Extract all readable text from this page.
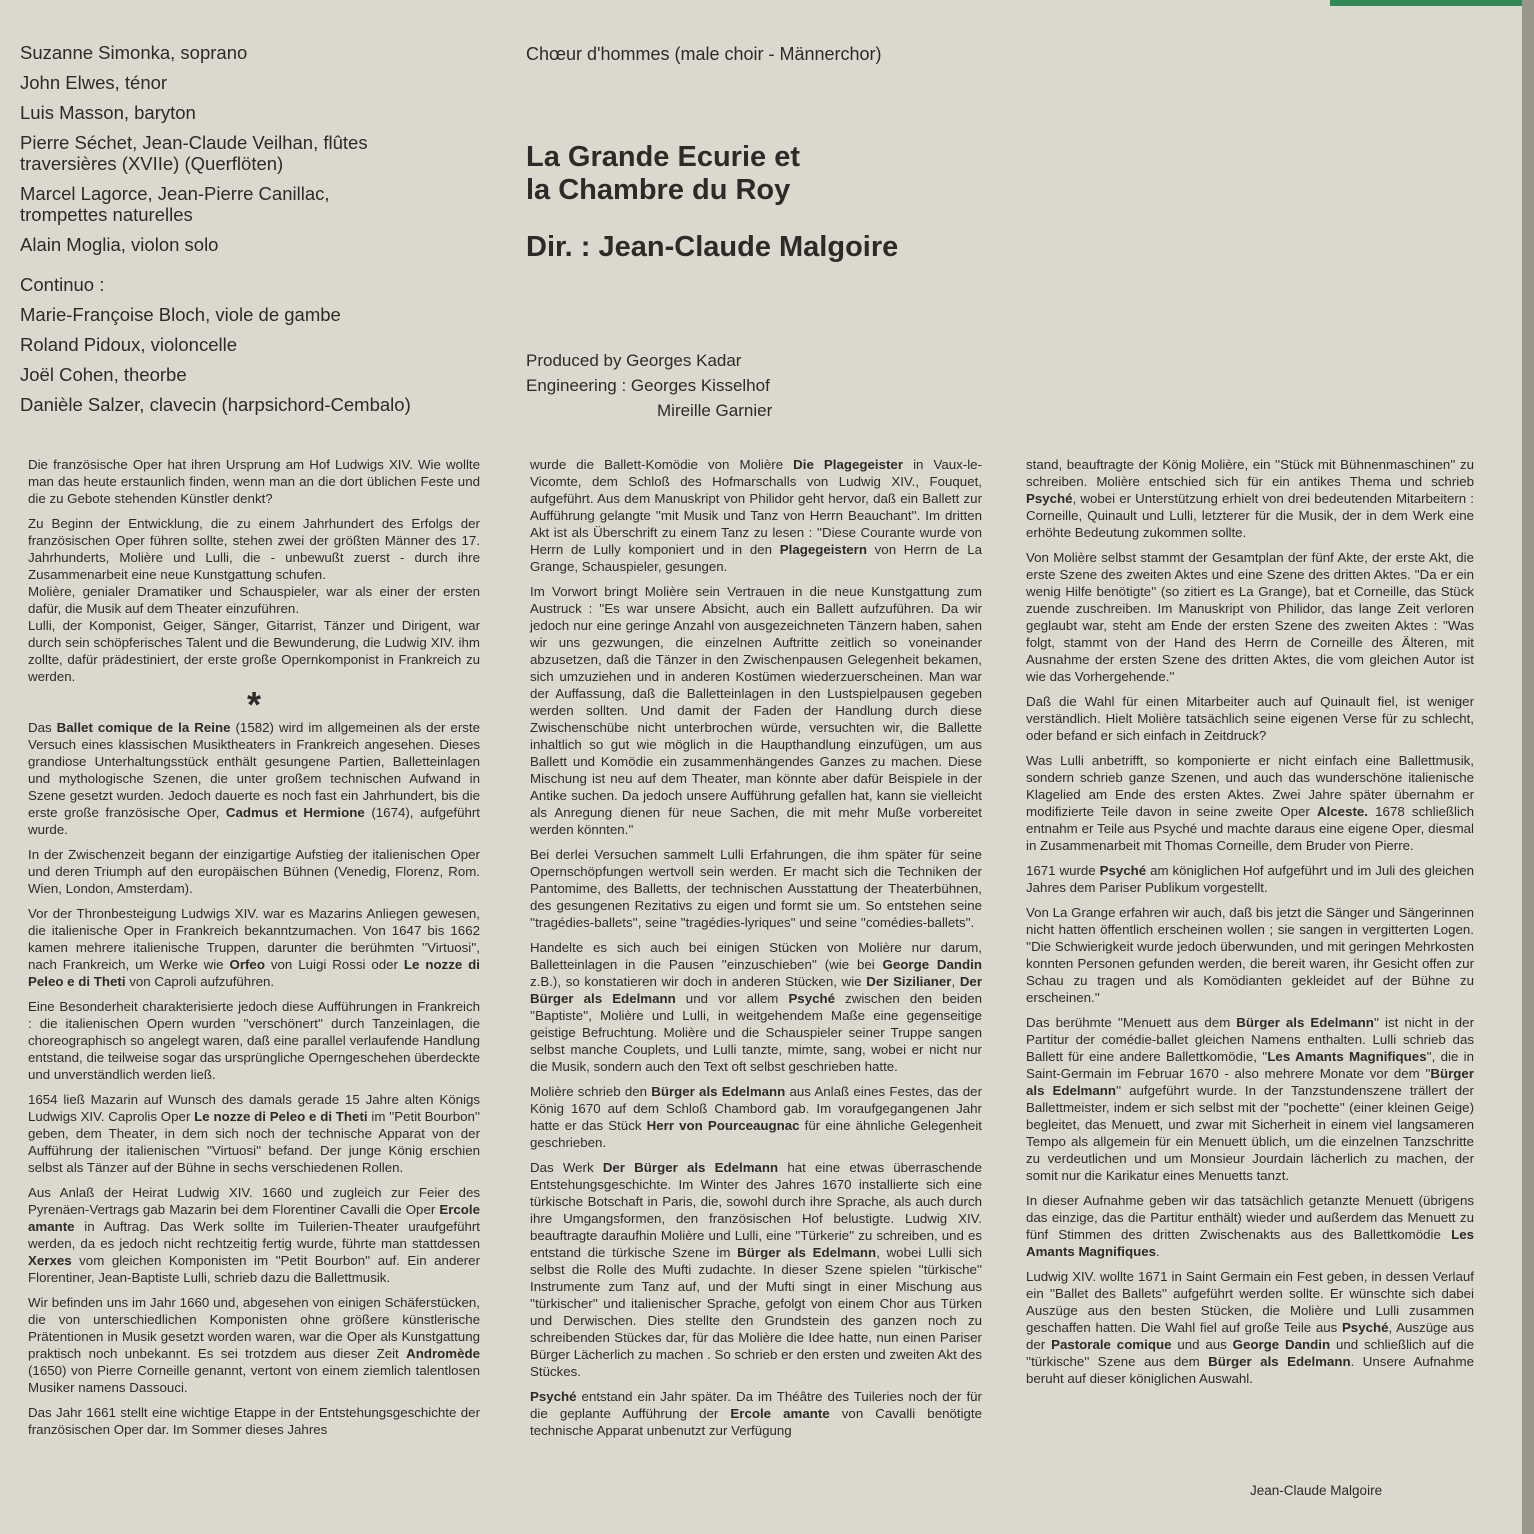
Suzanne Simonka, soprano
John Elwes, ténor
Luis Masson, baryton
Pierre Séchet, Jean-Claude Veilhan, flûtes traversières (XVIIe) (Querflöten)
Marcel Lagorce, Jean-Pierre Canillac, trompettes naturelles
Alain Moglia, violon solo
Continuo :
Marie-Françoise Bloch, viole de gambe
Roland Pidoux, violoncelle
Joël Cohen, theorbe
Danièle Salzer, clavecin (harpsichord-Cembalo)

Chœur d'hommes (male choir - Männerchor)

La Grande Ecurie et
la Chambre du Roy

Dir. : Jean-Claude Malgoire

Produced by Georges Kadar
Engineering : Georges Kisselhof
Mireille Garnier

Die französische Oper hat ihren Ursprung am Hof Ludwigs XIV. Wie wollte man das heute erstaunlich finden, wenn man an die dort üblichen Feste und die zu Gebote stehenden Künstler denkt?

Zu Beginn der Entwicklung, die zu einem Jahrhundert des Erfolgs der französischen Oper führen sollte, stehen zwei der größten Männer des 17. Jahrhunderts, Molière und Lulli, die - unbewußt zuerst - durch ihre Zusammenarbeit eine neue Kunstgattung schufen.

Molière, genialer Dramatiker und Schauspieler, war als einer der ersten dafür, die Musik auf dem Theater einzuführen.

Lulli, der Komponist, Geiger, Sänger, Gitarrist, Tänzer und Dirigent, war durch sein schöpferisches Talent und die Bewunderung, die Ludwig XIV. ihm zollte, dafür prädestiniert, der erste große Opernkomponist in Frankreich zu werden.

*

Das Ballet comique de la Reine (1582) wird im allgemeinen als der erste Versuch eines klassischen Musiktheaters in Frankreich angesehen. Dieses grandiose Unterhaltungsstück enthält gesungene Partien, Balletteinlagen und mythologische Szenen, die unter großem technischen Aufwand in Szene gesetzt wurden. Jedoch dauerte es noch fast ein Jahrhundert, bis die erste große französische Oper, Cadmus et Hermione (1674), aufgeführt wurde.

In der Zwischenzeit begann der einzigartige Aufstieg der italienischen Oper und deren Triumph auf den europäischen Bühnen (Venedig, Florenz, Rom. Wien, London, Amsterdam).

Vor der Thronbesteigung Ludwigs XIV. war es Mazarins Anliegen gewesen, die italienische Oper in Frankreich bekanntzumachen. Von 1647 bis 1662 kamen mehrere italienische Truppen, darunter die berühmten ''Virtuosi'', nach Frankreich, um Werke wie Orfeo von Luigi Rossi oder Le nozze di Peleo e di Theti von Caproli aufzuführen.

Eine Besonderheit charakterisierte jedoch diese Aufführungen in Frankreich : die italienischen Opern wurden ''verschönert'' durch Tanzeinlagen, die choreographisch so angelegt waren, daß eine parallel verlaufende Handlung entstand, die teilweise sogar das ursprüngliche Operngeschehen überdeckte und unverständlich werden ließ.

1654 ließ Mazarin auf Wunsch des damals gerade 15 Jahre alten Königs Ludwigs XIV. Caprolis Oper Le nozze di Peleo e di Theti im ''Petit Bourbon'' geben, dem Theater, in dem sich noch der technische Apparat von der Aufführung der italienischen ''Virtuosi'' befand. Der junge König erschien selbst als Tänzer auf der Bühne in sechs verschiedenen Rollen.

Aus Anlaß der Heirat Ludwig XIV. 1660 und zugleich zur Feier des Pyrenäen-Vertrags gab Mazarin bei dem Florentiner Cavalli die Oper Ercole amante in Auftrag. Das Werk sollte im Tuilerien-Theater uraufgeführt werden, da es jedoch nicht rechtzeitig fertig wurde, führte man stattdessen Xerxes vom gleichen Komponisten im ''Petit Bourbon'' auf. Ein anderer Florentiner, Jean-Baptiste Lulli, schrieb dazu die Ballettmusik.

Wir befinden uns im Jahr 1660 und, abgesehen von einigen Schäferstücken, die von unterschiedlichen Komponisten ohne größere künstlerische Prätentionen in Musik gesetzt worden waren, war die Oper als Kunstgattung praktisch noch unbekannt. Es sei trotzdem aus dieser Zeit Andromède (1650) von Pierre Corneille genannt, vertont von einem ziemlich talentlosen Musiker namens Dassouci.

Das Jahr 1661 stellt eine wichtige Etappe in der Entstehungsgeschichte der französischen Oper dar. Im Sommer dieses Jahres

wurde die Ballett-Komödie von Molière Die Plagegeister in Vaux-le-Vicomte, dem Schloß des Hofmarschalls von Ludwig XIV., Fouquet, aufgeführt. Aus dem Manuskript von Philidor geht hervor, daß ein Ballett zur Aufführung gelangte ''mit Musik und Tanz von Herrn Beauchant''. Im dritten Akt ist als Überschrift zu einem Tanz zu lesen : ''Diese Courante wurde von Herrn de Lully komponiert und in den Plagegeistern von Herrn de La Grange, Schauspieler, gesungen.

Im Vorwort bringt Molière sein Vertrauen in die neue Kunstgattung zum Austruck : ''Es war unsere Absicht, auch ein Ballett aufzuführen. Da wir jedoch nur eine geringe Anzahl von ausgezeichneten Tänzern haben, sahen wir uns gezwungen, die einzelnen Auftritte zeitlich so voneinander abzusetzen, daß die Tänzer in den Zwischenpausen Gelegenheit bekamen, sich umzuziehen und in anderen Kostümen wiederzuerscheinen. Man war der Auffassung, daß die Balletteinlagen in den Lustspielpausen gegeben werden sollten. Und damit der Faden der Handlung durch diese Zwischenschübe nicht unterbrochen würde, versuchten wir, die Ballette inhaltlich so gut wie möglich in die Haupthandlung einzufügen, um aus Ballett und Komödie ein zusammenhängendes Ganzes zu machen. Diese Mischung ist neu auf dem Theater, man könnte aber dafür Beispiele in der Antike suchen. Da jedoch unsere Aufführung gefallen hat, kann sie vielleicht als Anregung dienen für neue Sachen, die mit mehr Muße vorbereitet werden könnten.''

Bei derlei Versuchen sammelt Lulli Erfahrungen, die ihm später für seine Opernschöpfungen wertvoll sein werden. Er macht sich die Techniken der Pantomime, des Balletts, der technischen Ausstattung der Theaterbühnen, des gesungenen Rezitativs zu eigen und formt sie um. So entstehen seine ''tragédies-ballets'', seine ''tragédies-lyriques'' und seine ''comédies-ballets''.

Handelte es sich auch bei einigen Stücken von Molière nur darum, Balletteinlagen in die Pausen ''einzuschieben'' (wie bei George Dandin z.B.), so konstatieren wir doch in anderen Stücken, wie Der Sizilianer, Der Bürger als Edelmann und vor allem Psyché zwischen den beiden ''Baptiste'', Molière und Lulli, in weitgehendem Maße eine gegenseitige geistige Befruchtung. Molière und die Schauspieler seiner Truppe sangen selbst manche Couplets, und Lulli tanzte, mimte, sang, wobei er nicht nur die Musik, sondern auch den Text oft selbst geschrieben hatte.

Molière schrieb den Bürger als Edelmann aus Anlaß eines Festes, das der König 1670 auf dem Schloß Chambord gab. Im voraufgegangenen Jahr hatte er das Stück Herr von Pourceaugnac für eine ähnliche Gelegenheit geschrieben.

Das Werk Der Bürger als Edelmann hat eine etwas überraschende Entstehungsgeschichte. Im Winter des Jahres 1670 installierte sich eine türkische Botschaft in Paris, die, sowohl durch ihre Sprache, als auch durch ihre Umgangsformen, den französischen Hof belustigte. Ludwig XIV. beauftragte daraufhin Molière und Lulli, eine ''Türkerie'' zu schreiben, und es entstand die türkische Szene im Bürger als Edelmann, wobei Lulli sich selbst die Rolle des Mufti zudachte. In dieser Szene spielen ''türkische'' Instrumente zum Tanz auf, und der Mufti singt in einer Mischung aus ''türkischer'' und italienischer Sprache, gefolgt von einem Chor aus Türken und Derwischen. Dies stellte den Grundstein des ganzen noch zu schreibenden Stückes dar, für das Molière die Idee hatte, nun einen Pariser Bürger Lächerlich zu machen . So schrieb er den ersten und zweiten Akt des Stückes.

Psyché entstand ein Jahr später. Da im Théâtre des Tuileries noch der für die geplante Aufführung der Ercole amante von Cavalli benötigte technische Apparat unbenutzt zur Verfügung

stand, beauftragte der König Molière, ein ''Stück mit Bühnenmaschinen'' zu schreiben. Molière entschied sich für ein antikes Thema und schrieb Psyché, wobei er Unterstützung erhielt von drei bedeutenden Mitarbeitern : Corneille, Quinault und Lulli, letzterer für die Musik, der in dem Werk eine erhöhte Bedeutung zukommen sollte.

Von Molière selbst stammt der Gesamtplan der fünf Akte, der erste Akt, die erste Szene des zweiten Aktes und eine Szene des dritten Aktes. ''Da er ein wenig Hilfe benötigte'' (so zitiert es La Grange), bat et Corneille, das Stück zuende zuschreiben. Im Manuskript von Philidor, das lange Zeit verloren geglaubt war, steht am Ende der ersten Szene des zweiten Aktes : ''Was folgt, stammt von der Hand des Herrn de Corneille des Älteren, mit Ausnahme der ersten Szene des dritten Aktes, die vom gleichen Autor ist wie das Vorhergehende.''

Daß die Wahl für einen Mitarbeiter auch auf Quinault fiel, ist weniger verständlich. Hielt Molière tatsächlich seine eigenen Verse für zu schlecht, oder befand er sich einfach in Zeitdruck?

Was Lulli anbetrifft, so komponierte er nicht einfach eine Ballettmusik, sondern schrieb ganze Szenen, und auch das wunderschöne italienische Klagelied am Ende des ersten Aktes. Zwei Jahre später übernahm er modifizierte Teile davon in seine zweite Oper Alceste. 1678 schließlich entnahm er Teile aus Psyché und machte daraus eine eigene Oper, diesmal in Zusammenarbeit mit Thomas Corneille, dem Bruder von Pierre.

1671 wurde Psyché am königlichen Hof aufgeführt und im Juli des gleichen Jahres dem Pariser Publikum vorgestellt.

Von La Grange erfahren wir auch, daß bis jetzt die Sänger und Sängerinnen nicht hatten öffentlich erscheinen wollen ; sie sangen in vergitterten Logen. ''Die Schwierigkeit wurde jedoch überwunden, und mit geringen Mehrkosten konnten Personen gefunden werden, die bereit waren, ihr Gesicht offen zur Schau zu tragen und als Komödianten gekleidet auf der Bühne zu erscheinen.''

Das berühmte ''Menuett aus dem Bürger als Edelmann'' ist nicht in der Partitur der comédie-ballet gleichen Namens enthalten. Lulli schrieb das Ballett für eine andere Ballettkomödie, ''Les Amants Magnifiques'', die in Saint-Germain im Februar 1670 - also mehrere Monate vor dem ''Bürger als Edelmann'' aufgeführt wurde. In der Tanzstundenszene trällert der Ballettmeister, indem er sich selbst mit der ''pochette'' (einer kleinen Geige) begleitet, das Menuett, und zwar mit Sicherheit in einem viel langsameren Tempo als allgemein für ein Menuett üblich, um die einzelnen Tanzschritte zu verdeutlichen und um Monsieur Jourdain lächerlich zu machen, der somit nur die Karikatur eines Menuetts tanzt.

In dieser Aufnahme geben wir das tatsächlich getanzte Menuett (übrigens das einzige, das die Partitur enthält) wieder und außerdem das Menuett zu fünf Stimmen des dritten Zwischenakts aus des Ballettkomödie Les Amants Magnifiques.

Ludwig XIV. wollte 1671 in Saint Germain ein Fest geben, in dessen Verlauf ein ''Ballet des Ballets'' aufgeführt werden sollte. Er wünschte sich dabei Auszüge aus den besten Stücken, die Molière und Lulli zusammen geschaffen hatten. Die Wahl fiel auf große Teile aus Psyché, Auszüge aus der Pastorale comique und aus George Dandin und schließlich auf die ''türkische'' Szene aus dem Bürger als Edelmann. Unsere Aufnahme beruht auf dieser königlichen Auswahl.

Jean-Claude Malgoire
